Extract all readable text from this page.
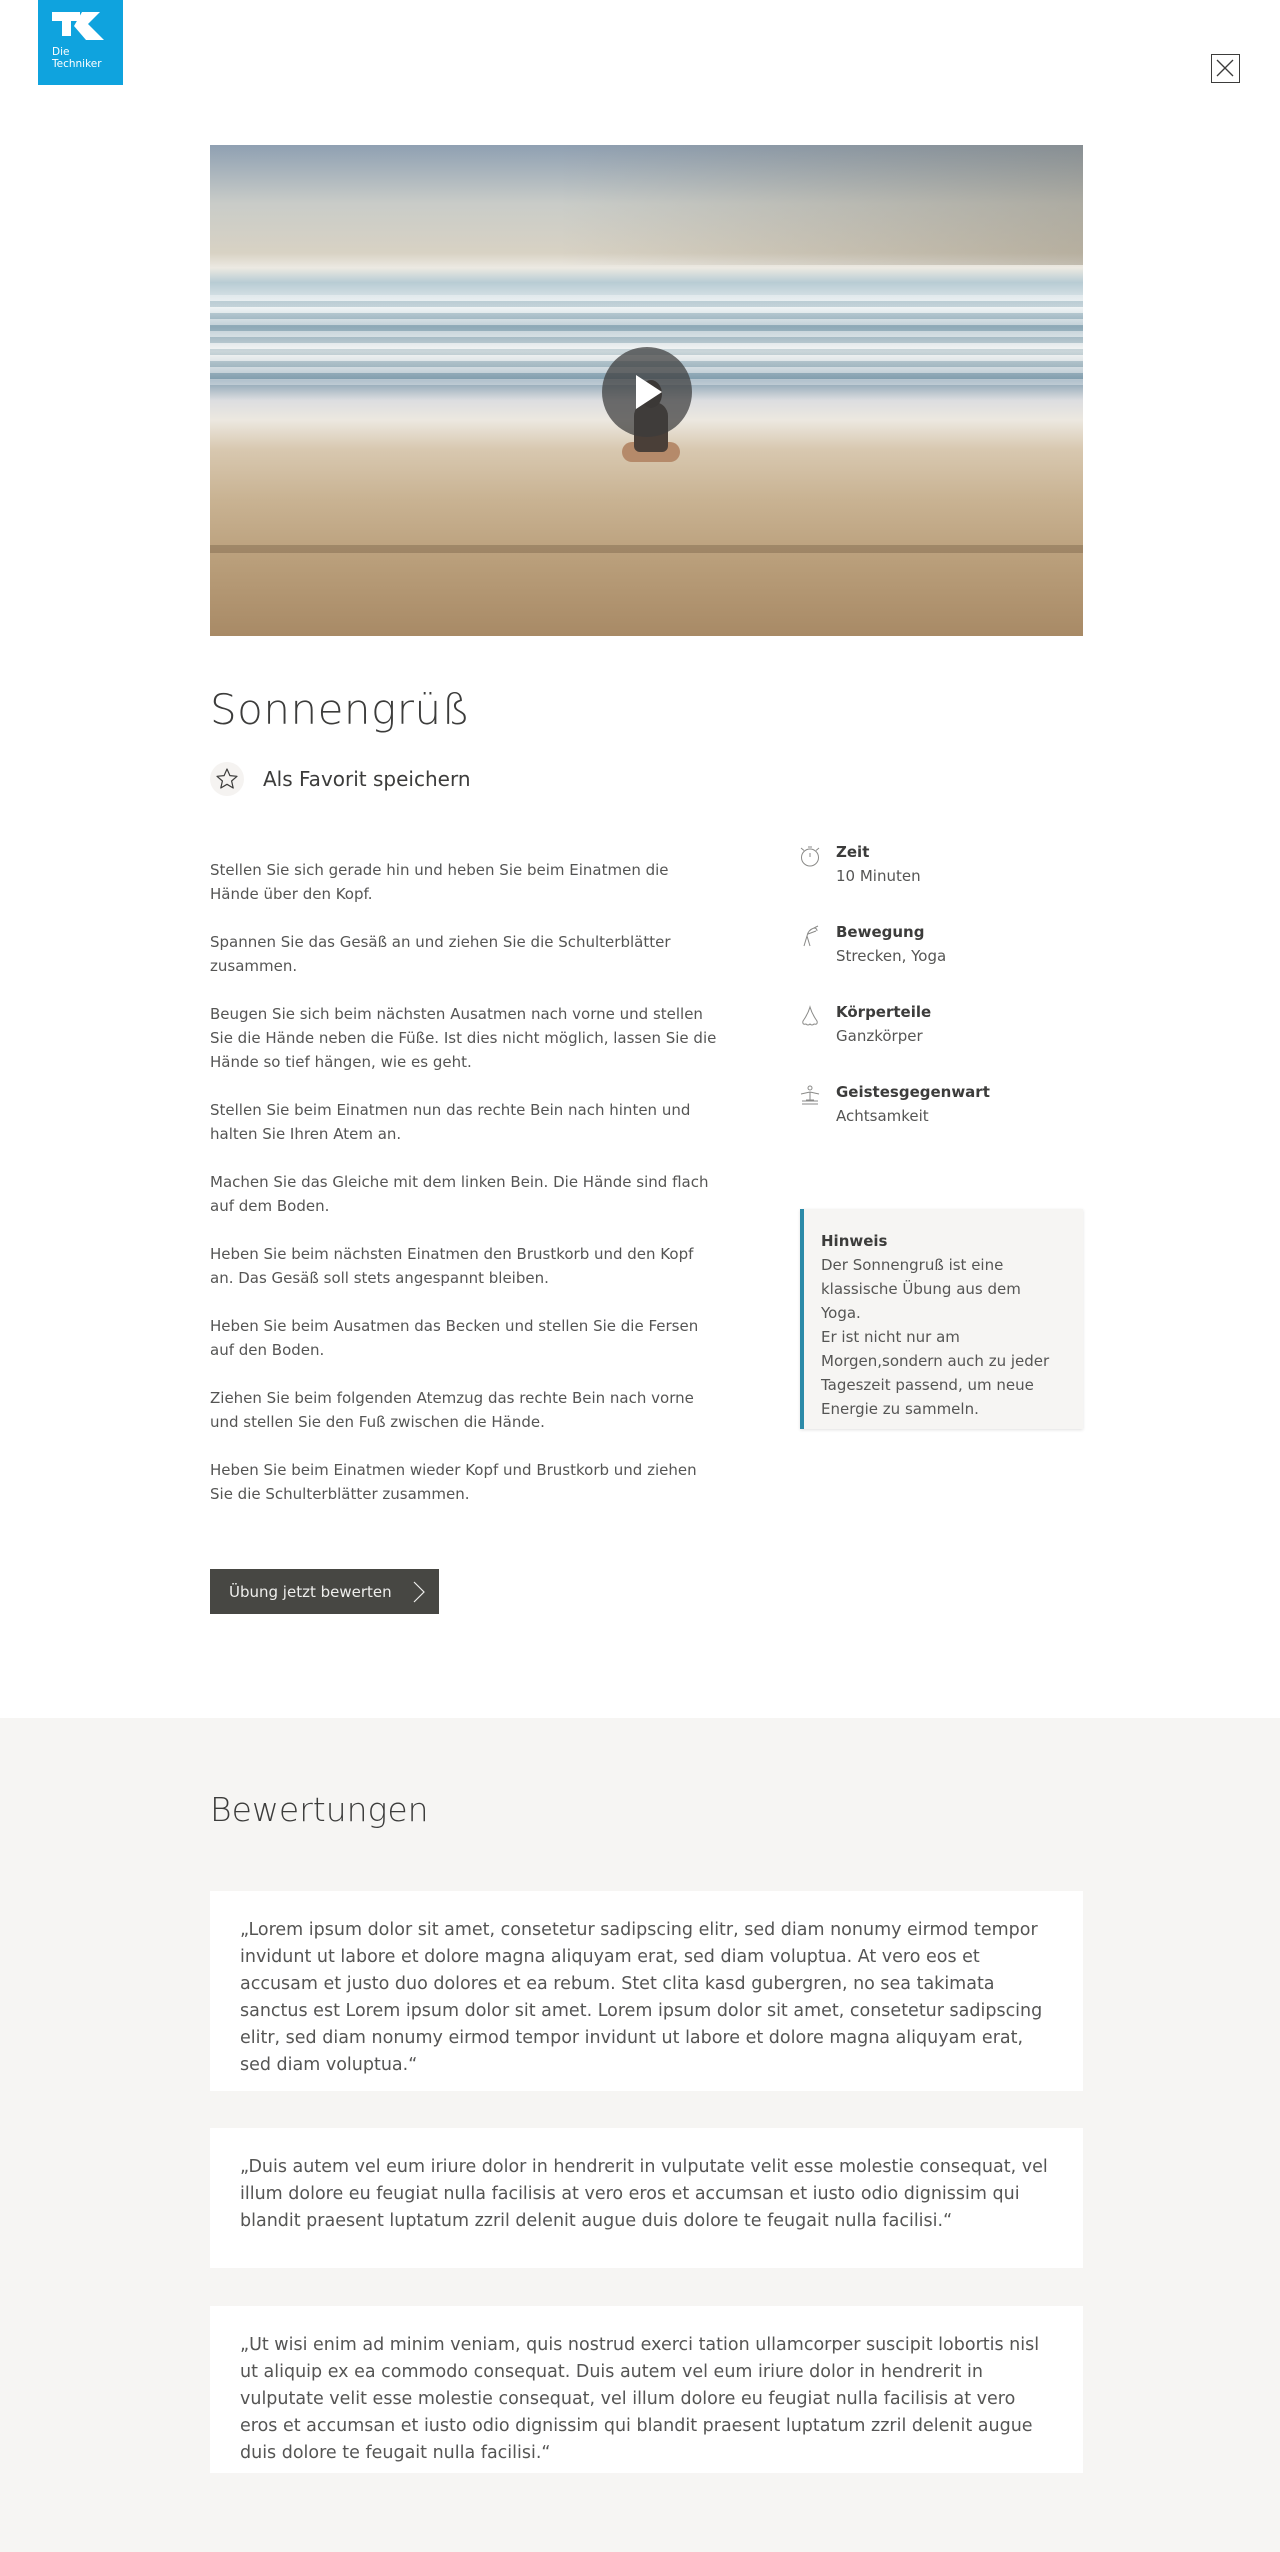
Die
Techniker
Sonnengrüß
Als Favorit speichern

Stellen Sie sich gerade hin und heben Sie beim Einatmen die Hände über den Kopf.

Spannen Sie das Gesäß an und ziehen Sie die Schulterblätter zusammen.

Beugen Sie sich beim nächsten Ausatmen nach vorne und stellen Sie die Hände neben die Füße. Ist dies nicht möglich, lassen Sie die Hände so tief hängen, wie es geht.

Stellen Sie beim Einatmen nun das rechte Bein nach hinten und halten Sie Ihren Atem an.

Machen Sie das Gleiche mit dem linken Bein. Die Hände sind flach auf dem Boden.

Heben Sie beim nächsten Einatmen den Brustkorb und den Kopf an. Das Gesäß soll stets angespannt bleiben.

Heben Sie beim Ausatmen das Becken und stellen Sie die Fersen auf den Boden.

Ziehen Sie beim folgenden Atemzug das rechte Bein nach vorne und stellen Sie den Fuß zwischen die Hände.

Heben Sie beim Einatmen wieder Kopf und Brustkorb und ziehen Sie die Schulterblätter zusammen.

Zeit
10 Minuten
Bewegung
Strecken, Yoga
Körperteile
Ganzkörper
Geistesgegenwart
Achtsamkeit
Hinweis
Der Sonnengruß ist eine
klassische Übung aus dem Yoga.
Er ist nicht nur am
Morgen,sondern auch zu jeder
Tageszeit passend, um neue
Energie zu sammeln.
Übung jetzt bewerten
Bewertungen

„Lorem ipsum dolor sit amet, consetetur sadipscing elitr, sed diam nonumy eirmod tempor invidunt ut labore et dolore magna aliquyam erat, sed diam voluptua. At vero eos et accusam et justo duo dolores et ea rebum. Stet clita kasd gubergren, no sea takimata sanctus est Lorem ipsum dolor sit amet. Lorem ipsum dolor sit amet, consetetur sadipscing elitr, sed diam nonumy eirmod tempor invidunt ut labore et dolore magna aliquyam erat, sed diam voluptua.“

„Duis autem vel eum iriure dolor in hendrerit in vulputate velit esse molestie consequat, vel illum dolore eu feugiat nulla facilisis at vero eros et accumsan et iusto odio dignissim qui blandit praesent luptatum zzril delenit augue duis dolore te feugait nulla facilisi.“

„Ut wisi enim ad minim veniam, quis nostrud exerci tation ullamcorper suscipit lobortis nisl ut aliquip ex ea commodo consequat. Duis autem vel eum iriure dolor in hendrerit in vulputate velit esse molestie consequat, vel illum dolore eu feugiat nulla facilisis at vero eros et accumsan et iusto odio dignissim qui blandit praesent luptatum zzril delenit augue duis dolore te feugait nulla facilisi.“
